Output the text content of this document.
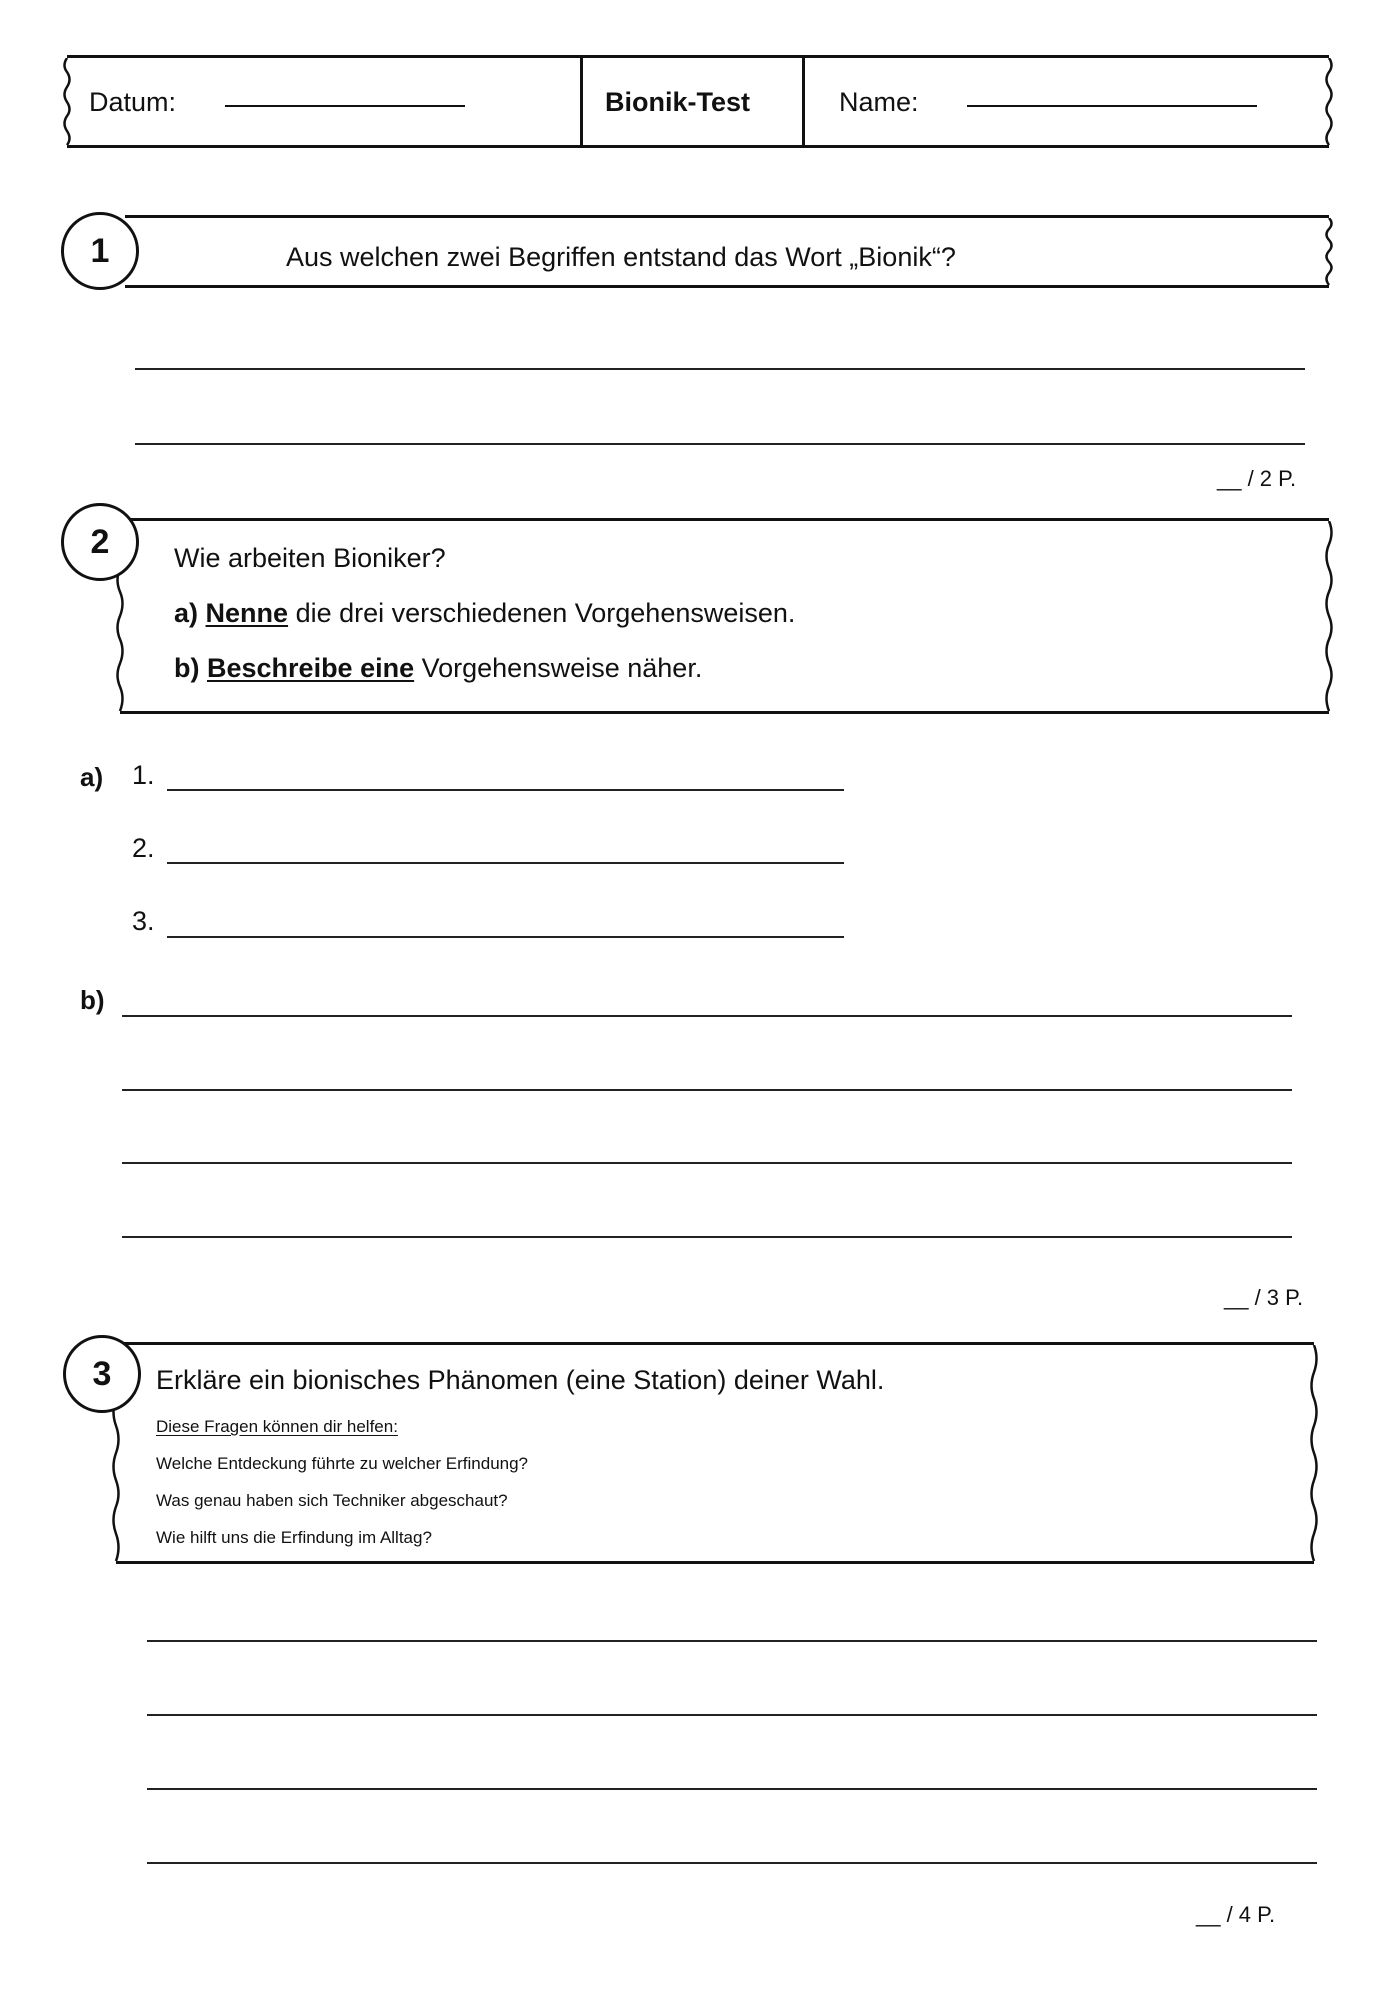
Datum:	Bionik-Test	Name:
1	Aus welchen zwei Begriffen entstand das Wort „Bionik“?
__ / 2 P.
2	Wie arbeiten Bioniker?
a) Nenne die drei verschiedenen Vorgehensweisen.
b) Beschreibe eine Vorgehensweise näher.
a) 1.
2.
3.
b)
__ / 3 P.
3	Erkläre ein bionisches Phänomen (eine Station) deiner Wahl.
Diese Fragen können dir helfen:
Welche Entdeckung führte zu welcher Erfindung?
Was genau haben sich Techniker abgeschaut?
Wie hilft uns die Erfindung im Alltag?
__ / 4 P.
